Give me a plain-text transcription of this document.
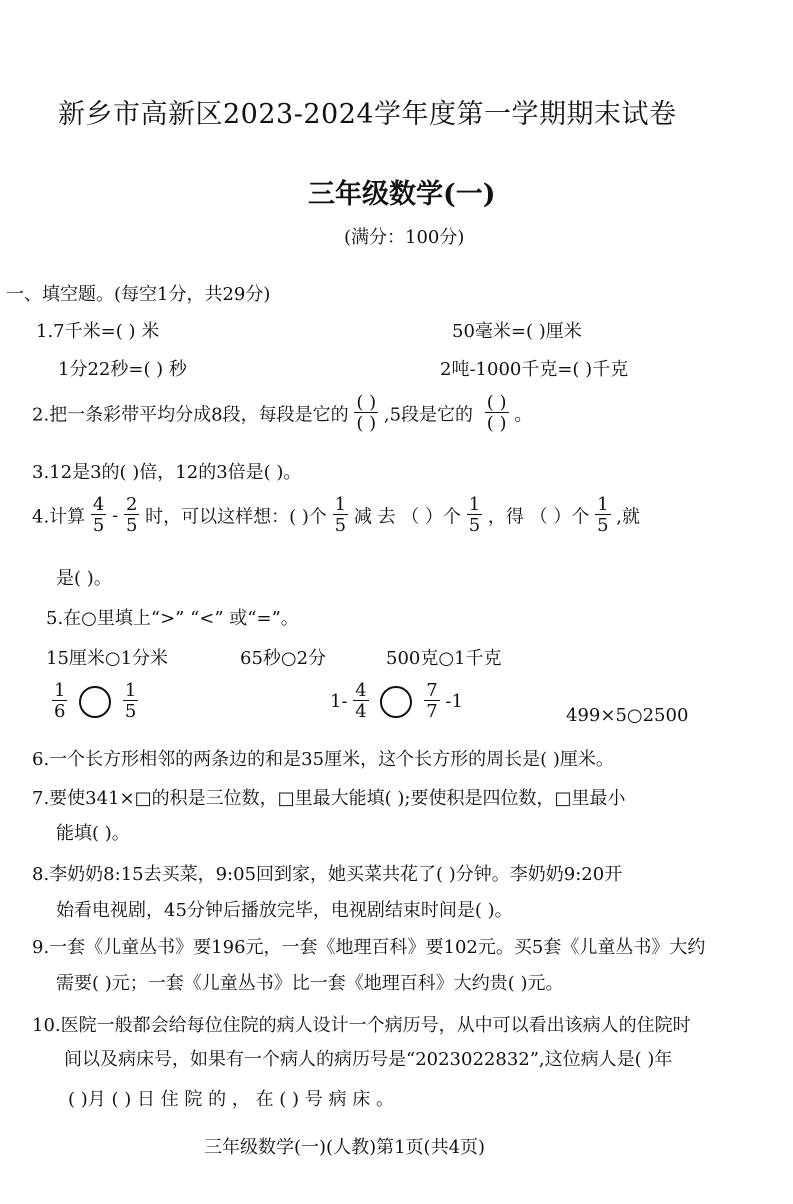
新乡市高新区2023-2024学年度第一学期期末试卷
三年级数学(一)
(满分：100分)
一、填空题。(每空1分，共29分)
1.7千米=( ) 米	50毫米=( )厘米
1分22秒=( ) 秒	2吨-1000千克=( )千克
2.把一条彩带平均分成8段，每段是它的 $\frac{( )}{( )} ,5$段是它的 $\frac{( )}{( )}$ 。
3.12是3的( )倍，12的3倍是( )。
4.计算 $\frac{4}{5} - \frac{2}{5}$ 时，可以这样想：( )个 $\frac{1}{5}$ 减 去 （ ）个 $\frac{1}{5}$ ，得 （ ）个 $\frac{1}{5}$ ,就
是( )。
5.在○里填上“>” “<” 或“=”。
15厘米○1分米	65秒○2分	500克○1千克
$\frac{1}{6}$
	$\frac{1}{5}$	$1- \frac{4}{4}$
	$\frac{7}{7} -1$
499×5○2500
6.一个长方形相邻的两条边的和是35厘米，这个长方形的周长是( )厘米。
7.要使341×□的积是三位数，□里最大能填( );要使积是四位数，□里最小
能填( )。
8.李奶奶8:15去买菜，9:05回到家，她买菜共花了( )分钟。李奶奶9:20开
始看电视剧，45分钟后播放完毕，电视剧结束时间是( )。
9.一套《儿童丛书》要196元，一套《地理百科》要102元。买5套《儿童丛书》大约
需要( )元；一套《儿童丛书》比一套《地理百科》大约贵( )元。
10.医院一般都会给每位住院的病人设计一个病历号，从中可以看出该病人的住院时
间以及病床号，如果有一个病人的病历号是“2023022832”,这位病人是( )年
( )月 ( ) 日 住 院 的 ， 在 ( ) 号 病 床 。
三年级数学(一)(人教)第1页(共4页)
